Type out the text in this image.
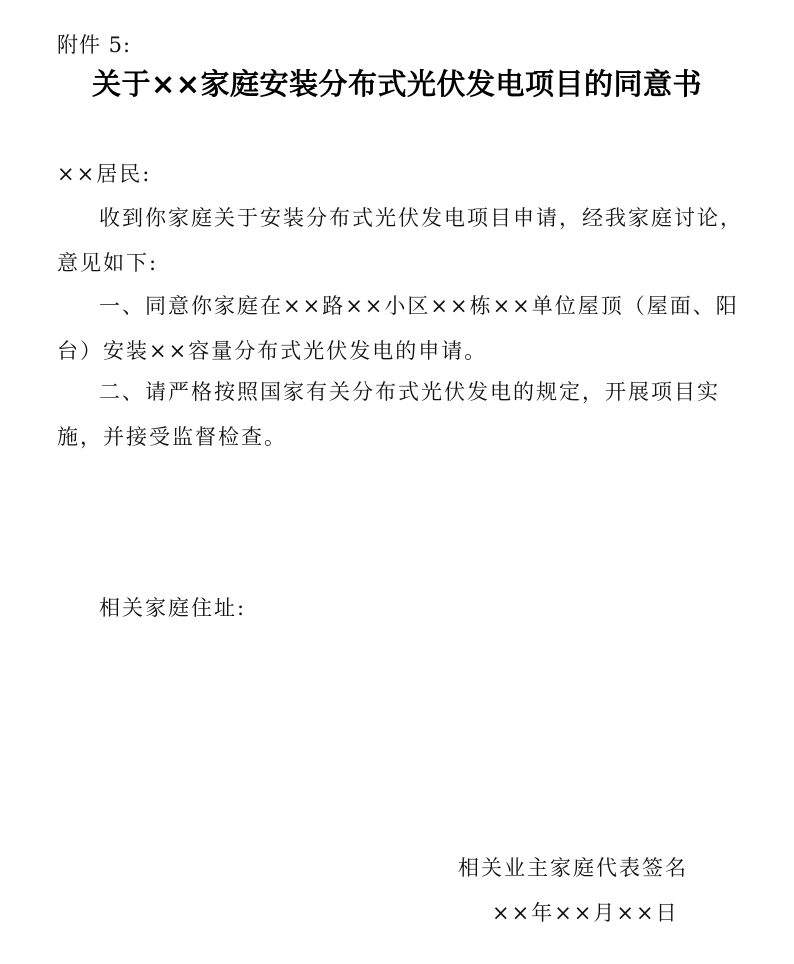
附件 5:
关于××家庭安装分布式光伏发电项目的同意书
××居民:
收到你家庭关于安装分布式光伏发电项目申请，经我家庭讨论，意见如下:
一、同意你家庭在××路××小区××栋××单位屋顶（屋面、阳台）安装××容量分布式光伏发电的申请。
二、请严格按照国家有关分布式光伏发电的规定，开展项目实施，并接受监督检查。
相关家庭住址:
相关业主家庭代表签名
××年××月××日
